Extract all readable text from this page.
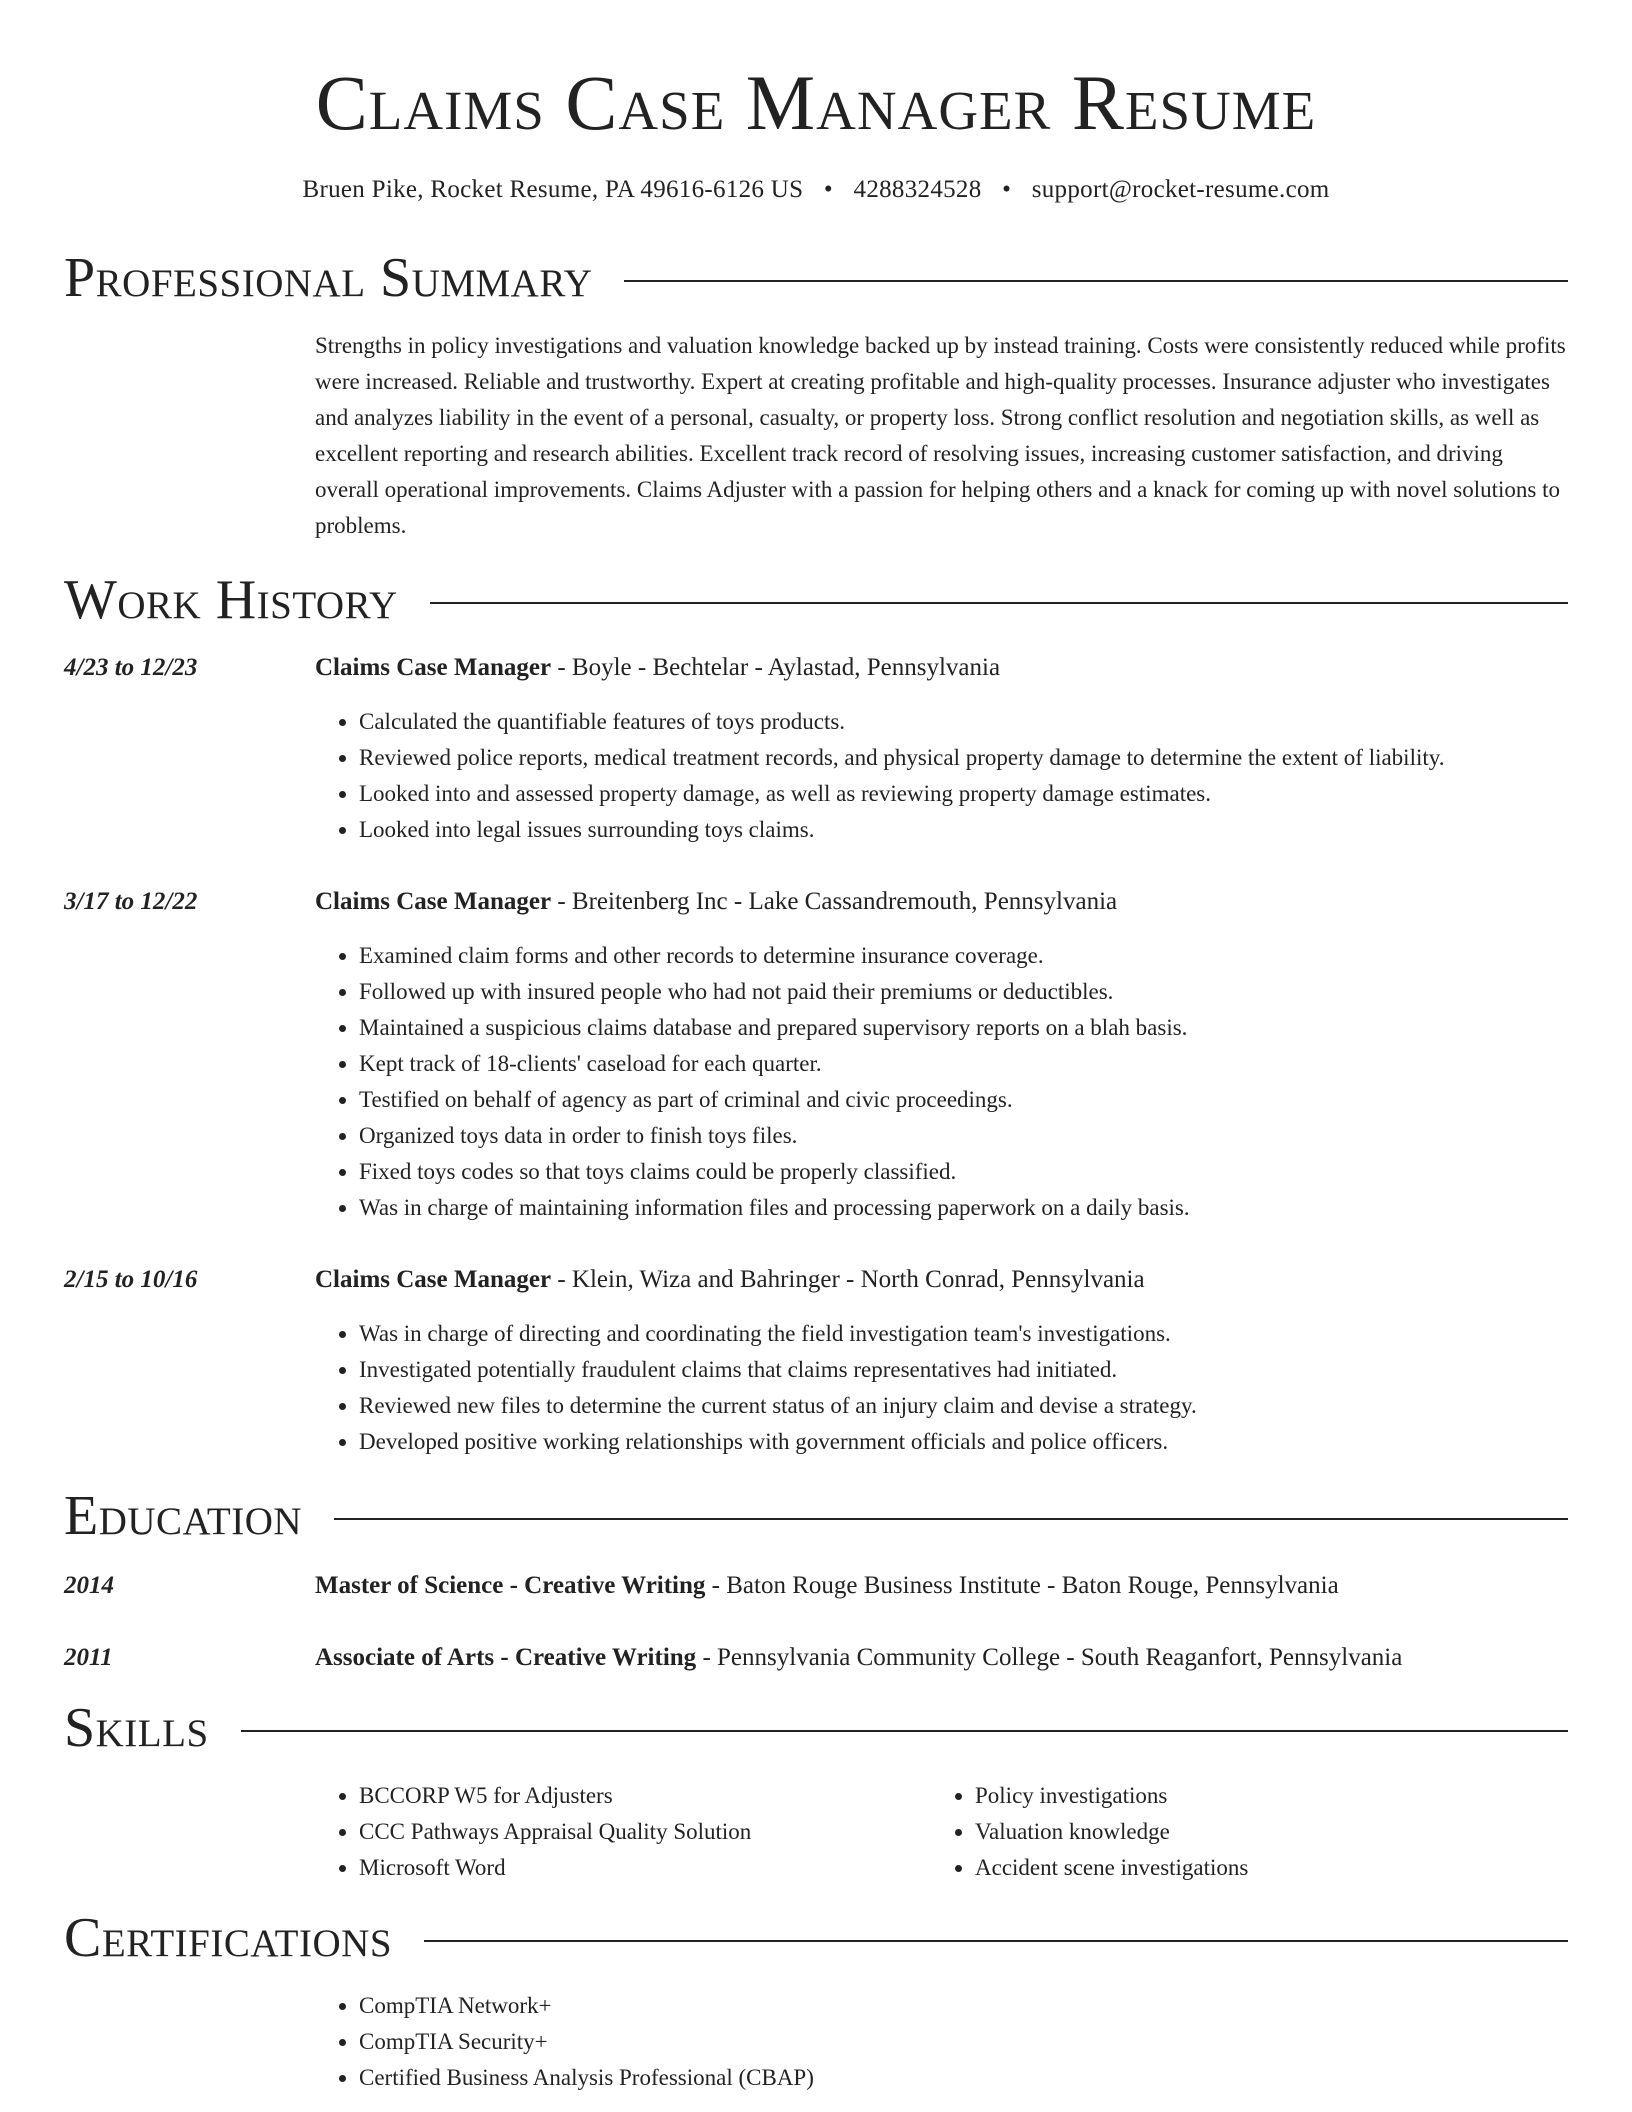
Claims Case Manager Resume
Bruen Pike, Rocket Resume, PA 49616-6126 US • 4288324528 • support@rocket-resume.com
Professional Summary
Strengths in policy investigations and valuation knowledge backed up by instead training. Costs were consistently reduced while profits were increased. Reliable and trustworthy. Expert at creating profitable and high-quality processes. Insurance adjuster who investigates and analyzes liability in the event of a personal, casualty, or property loss. Strong conflict resolution and negotiation skills, as well as excellent reporting and research abilities. Excellent track record of resolving issues, increasing customer satisfaction, and driving overall operational improvements. Claims Adjuster with a passion for helping others and a knack for coming up with novel solutions to problems.
Work History
4/23 to 12/23	Claims Case Manager - Boyle - Bechtelar - Aylastad, Pennsylvania
• Calculated the quantifiable features of toys products.
• Reviewed police reports, medical treatment records, and physical property damage to determine the extent of liability.
• Looked into and assessed property damage, as well as reviewing property damage estimates.
• Looked into legal issues surrounding toys claims.
3/17 to 12/22	Claims Case Manager - Breitenberg Inc - Lake Cassandremouth, Pennsylvania
• Examined claim forms and other records to determine insurance coverage.
• Followed up with insured people who had not paid their premiums or deductibles.
• Maintained a suspicious claims database and prepared supervisory reports on a blah basis.
• Kept track of 18-clients' caseload for each quarter.
• Testified on behalf of agency as part of criminal and civic proceedings.
• Organized toys data in order to finish toys files.
• Fixed toys codes so that toys claims could be properly classified.
• Was in charge of maintaining information files and processing paperwork on a daily basis.
2/15 to 10/16	Claims Case Manager - Klein, Wiza and Bahringer - North Conrad, Pennsylvania
• Was in charge of directing and coordinating the field investigation team's investigations.
• Investigated potentially fraudulent claims that claims representatives had initiated.
• Reviewed new files to determine the current status of an injury claim and devise a strategy.
• Developed positive working relationships with government officials and police officers.
Education
2014	Master of Science - Creative Writing - Baton Rouge Business Institute - Baton Rouge, Pennsylvania
2011	Associate of Arts - Creative Writing - Pennsylvania Community College - South Reaganfort, Pennsylvania
Skills
• BCCORP W5 for Adjusters
• CCC Pathways Appraisal Quality Solution
• Microsoft Word
• Policy investigations
• Valuation knowledge
• Accident scene investigations
Certifications
• CompTIA Network+
• CompTIA Security+
• Certified Business Analysis Professional (CBAP)
